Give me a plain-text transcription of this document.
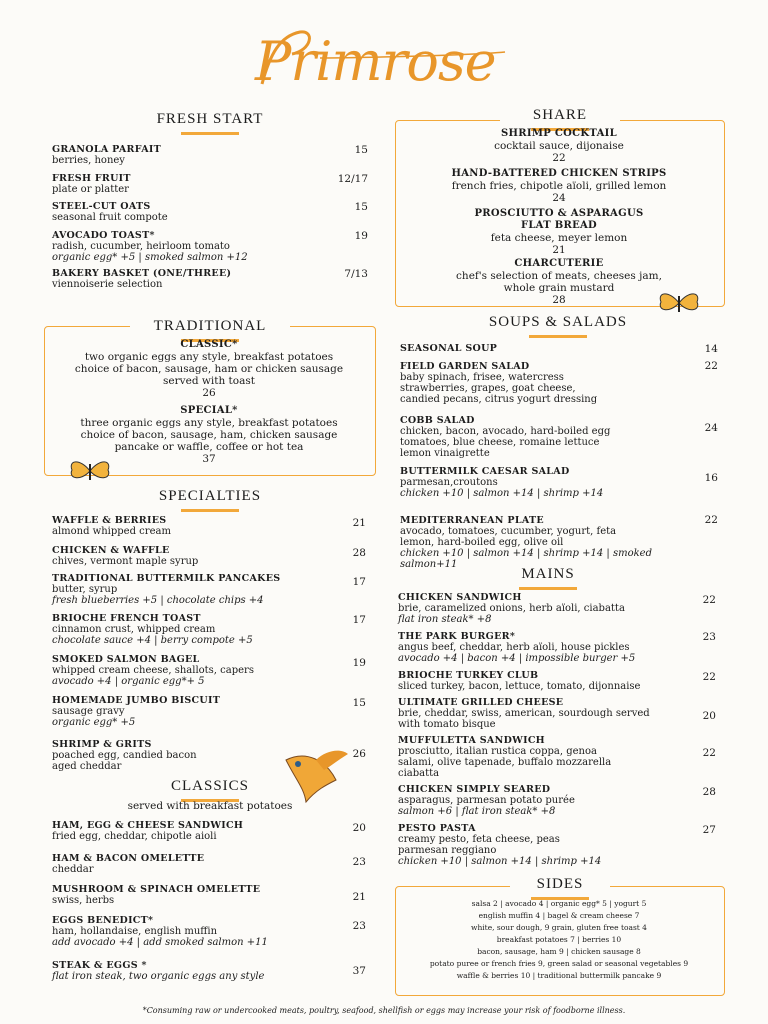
Primrose
FRESH START
GRANOLA PARFAIT
berries, honey
15
FRESH FRUIT
plate or platter
12/17
STEEL-CUT OATS
seasonal fruit compote
15
AVOCADO TOAST*
radish, cucumber, heirloom tomato
organic egg* +5 | smoked salmon +12
19
BAKERY BASKET (ONE/THREE)
viennoiserie selection
7/13
TRADITIONAL
CLASSIC*
two organic eggs any style, breakfast potatoes
choice of bacon, sausage, ham or chicken sausage
served with toast
26
SPECIAL*
three organic eggs any style, breakfast potatoes
choice of bacon, sausage, ham, chicken sausage
pancake or waffle, coffee or hot tea
37
SPECIALTIES
WAFFLE & BERRIES
almond whipped cream
21
CHICKEN & WAFFLE
chives, vermont maple syrup
28
TRADITIONAL BUTTERMILK PANCAKES
butter, syrup
fresh blueberries +5 | chocolate chips +4
17
BRIOCHE FRENCH TOAST
cinnamon crust, whipped cream
chocolate sauce +4 | berry compote +5
17
SMOKED SALMON BAGEL
whipped cream cheese, shallots, capers
avocado +4 | organic egg*+ 5
19
HOMEMADE JUMBO BISCUIT
sausage gravy
organic egg* +5
15
SHRIMP & GRITS
poached egg, candied bacon
aged cheddar
26
CLASSICS
served with breakfast potatoes
HAM, EGG & CHEESE SANDWICH
fried egg, cheddar, chipotle aioli
20
HAM & BACON OMELETTE
cheddar
23
MUSHROOM & SPINACH OMELETTE
swiss, herbs	21
EGGS BENEDICT*
ham, hollandaise, english muffin
add avocado +4 | add smoked salmon +11
23
STEAK & EGGS *
flat iron steak, two organic eggs any style	37
SHARE
SHRIMP COCKTAIL
cocktail sauce, dijonaise
22
HAND-BATTERED CHICKEN STRIPS
french fries, chipotle aïoli, grilled lemon
24
PROSCIUTTO & ASPARAGUS
FLAT BREAD
feta cheese, meyer lemon
21
CHARCUTERIE
chef's selection of meats, cheeses jam,
whole grain mustard
28
SOUPS & SALADS
SEASONAL SOUP	14
FIELD GARDEN SALAD
baby spinach, frisee, watercress
strawberries, grapes, goat cheese,
candied pecans, citrus yogurt dressing
22
COBB SALAD
chicken, bacon, avocado, hard-boiled egg
tomatoes, blue cheese, romaine lettuce
lemon vinaigrette
24
BUTTERMILK CAESAR SALAD
parmesan,croutons
chicken +10 | salmon +14 | shrimp +14
16
MEDITERRANEAN PLATE
avocado, tomatoes, cucumber, yogurt, feta
lemon, hard-boiled egg, olive oil
chicken +10 | salmon +14 | shrimp +14 | smoked salmon+11
22
MAINS
CHICKEN SANDWICH
brie, caramelized onions, herb aïoli, ciabatta
flat iron steak* +8
22
THE PARK BURGER*
angus beef, cheddar, herb aïoli, house pickles
avocado +4 | bacon +4 | impossible burger +5
23
BRIOCHE TURKEY CLUB
sliced turkey, bacon, lettuce, tomato, dijonnaise
22
ULTIMATE GRILLED CHEESE
brie, cheddar, swiss, american, sourdough served
with tomato bisque
20
MUFFULETTA SANDWICH
prosciutto, italian rustica coppa, genoa
salami, olive tapenade, buffalo mozzarella
ciabatta
22
CHICKEN SIMPLY SEARED
asparagus, parmesan potato purée
salmon +6 | flat iron steak* +8
28
PESTO PASTA
creamy pesto, feta cheese, peas
parmesan reggiano
chicken +10 | salmon +14 | shrimp +14
27
SIDES
salsa 2 | avocado 4 | organic egg* 5 | yogurt 5
english muffin 4 | bagel & cream cheese 7
white, sour dough, 9 grain, gluten free toast 4
breakfast potatoes 7 | berries 10
bacon, sausage, ham 9 | chicken sausage 8
potato puree or french fries 9, green salad or seasonal vegetables 9
waffle & berries 10 | traditional buttermilk pancake 9
*Consuming raw or undercooked meats, poultry, seafood, shellfish or eggs may increase your risk of foodborne illness.
